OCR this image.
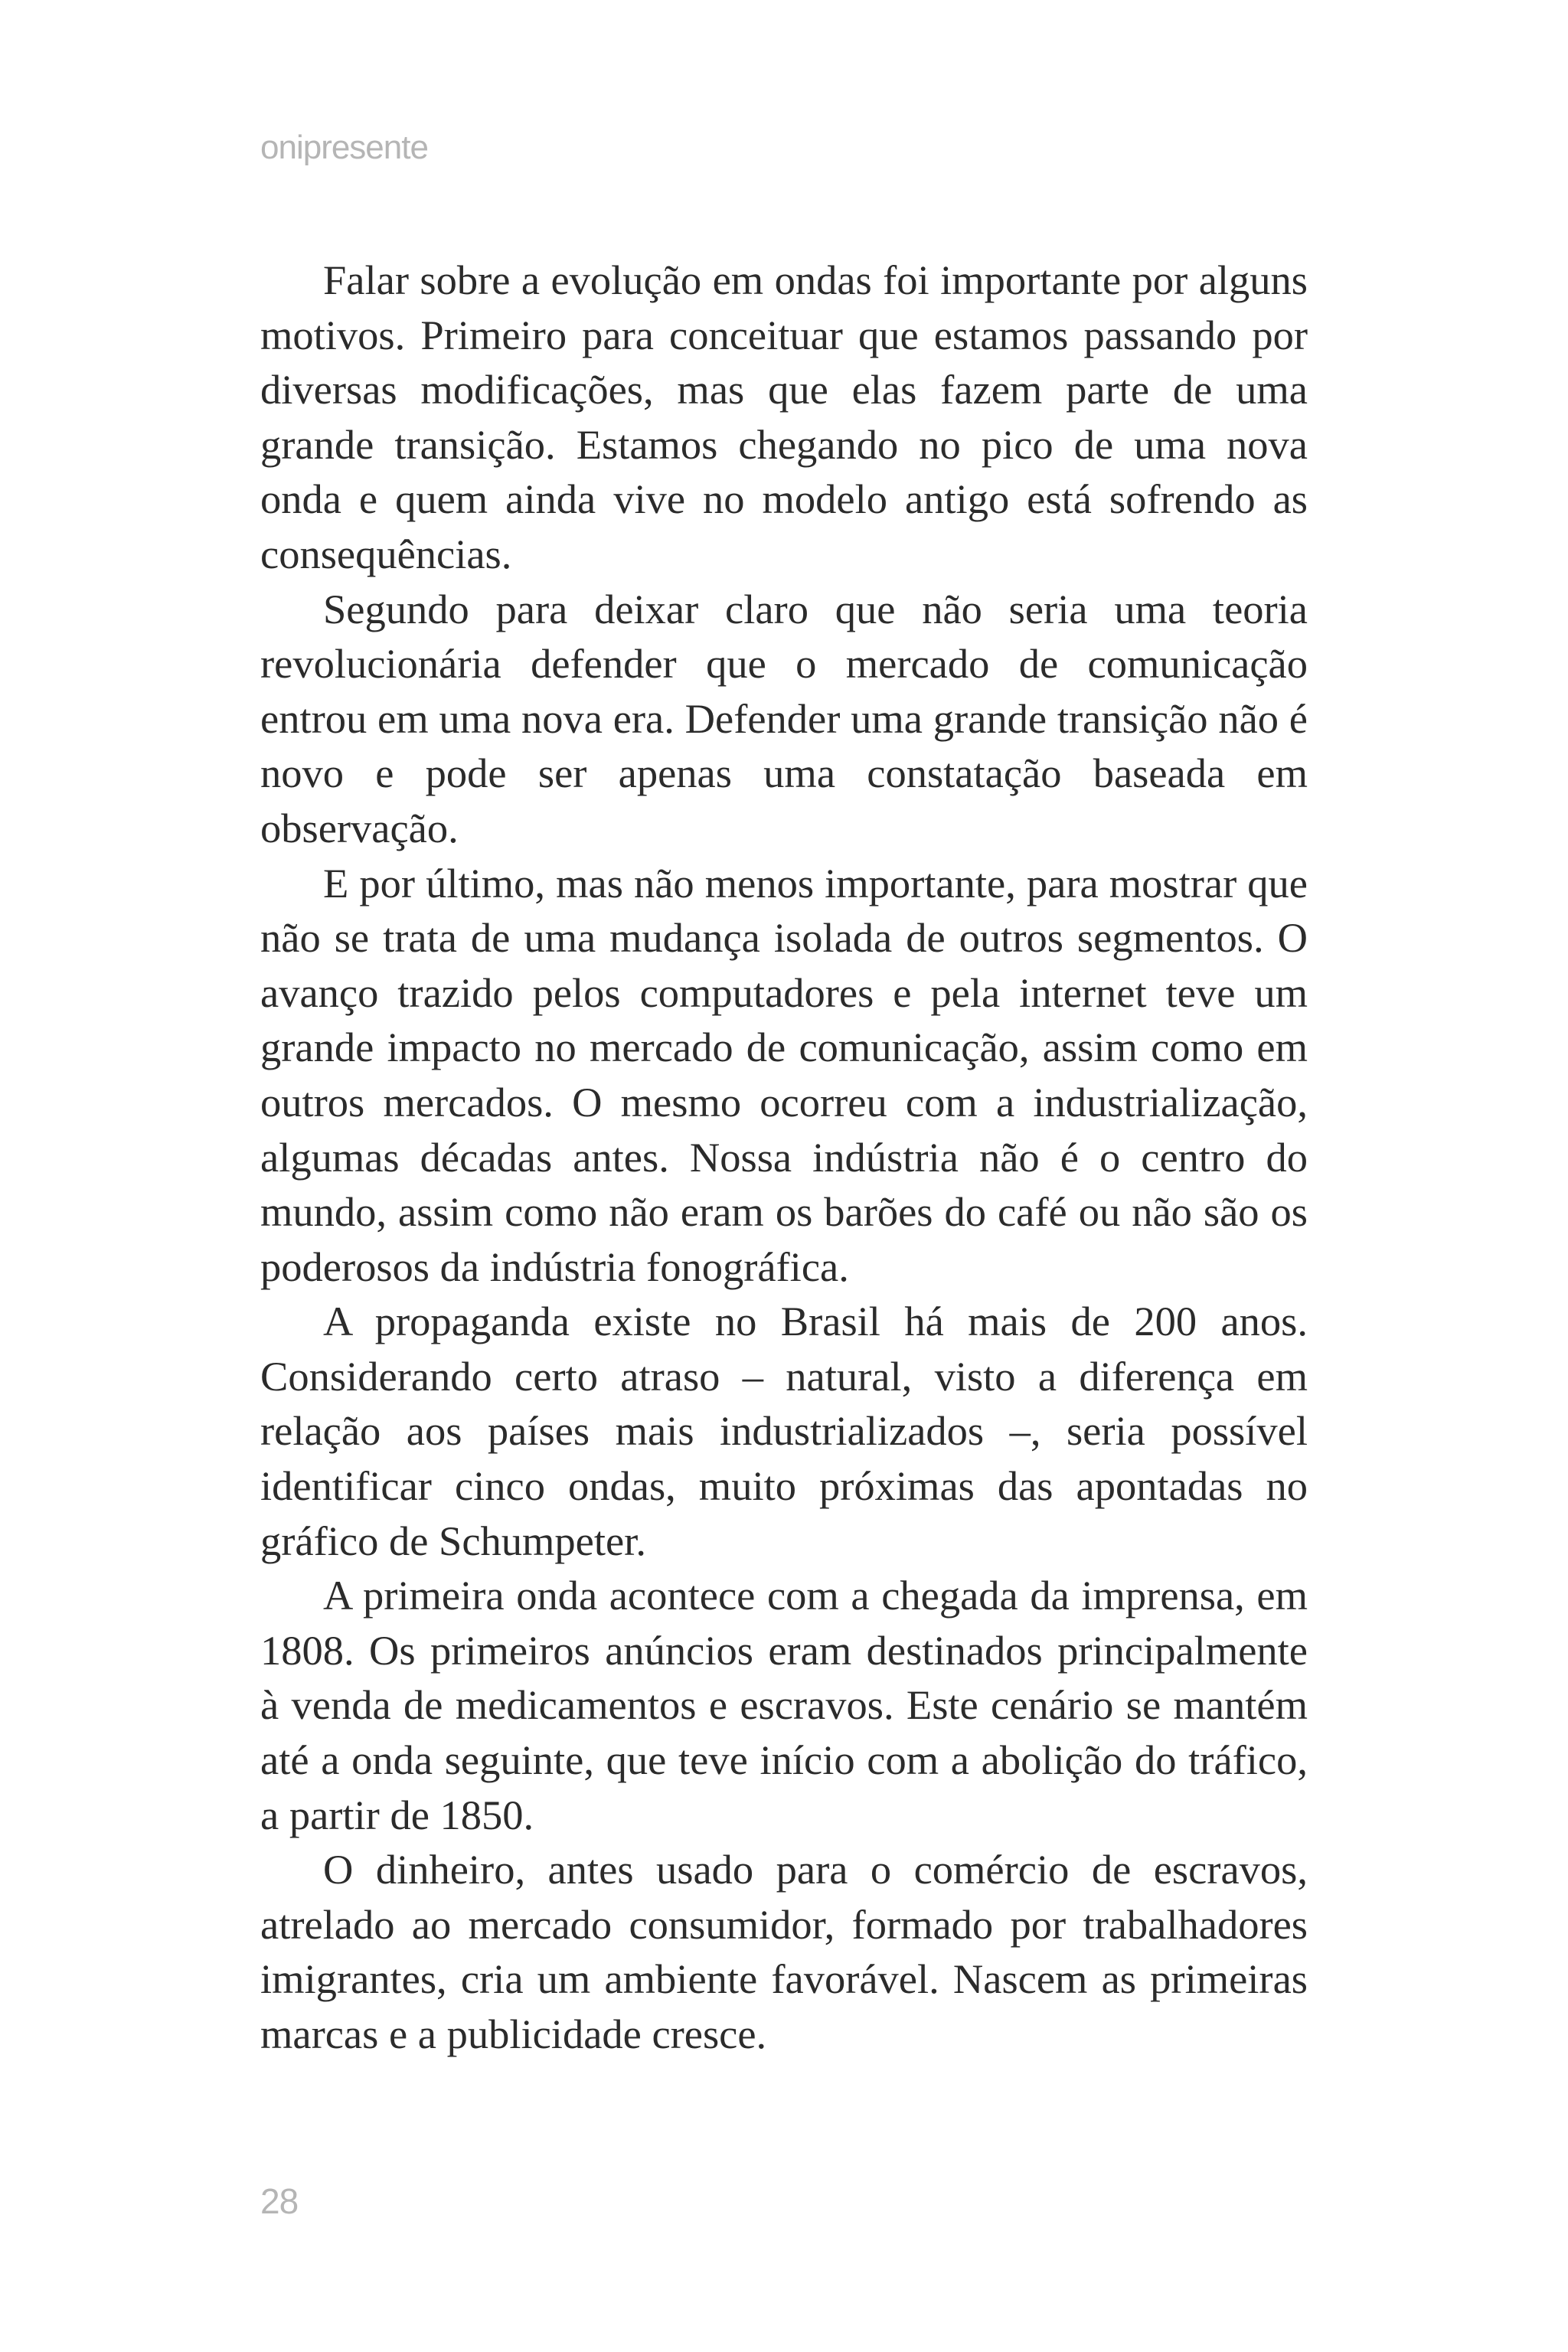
onipresente

Falar sobre a evolução em ondas foi importante por alguns motivos. Primeiro para conceituar que estamos passando por diversas modificações, mas que elas fazem parte de uma grande transição. Estamos chegando no pico de uma nova onda e quem ainda vive no modelo antigo está sofrendo as consequências.

Segundo para deixar claro que não seria uma teoria revolucionária defender que o mercado de comunicação entrou em uma nova era. Defender uma grande transição não é novo e pode ser apenas uma constatação baseada em observação.

E por último, mas não menos importante, para mostrar que não se trata de uma mudança isolada de outros segmentos. O avanço trazido pelos computadores e pela internet teve um grande impacto no mercado de comunicação, assim como em outros mercados. O mesmo ocorreu com a industrialização, algumas décadas antes. Nossa indústria não é o centro do mundo, assim como não eram os barões do café ou não são os poderosos da indústria fonográfica.

A propaganda existe no Brasil há mais de 200 anos. Considerando certo atraso – natural, visto a diferença em relação aos países mais industrializados –, seria possível identificar cinco ondas, muito próximas das apontadas no gráfico de Schumpeter.

A primeira onda acontece com a chegada da imprensa, em 1808. Os primeiros anúncios eram destinados principalmente à venda de medicamentos e escravos. Este cenário se mantém até a onda seguinte, que teve início com a abolição do tráfico, a partir de 1850.

O dinheiro, antes usado para o comércio de escravos, atrelado ao mercado consumidor, formado por trabalhadores imigrantes, cria um ambiente favorável. Nascem as primeiras marcas e a publicidade cresce.

28
